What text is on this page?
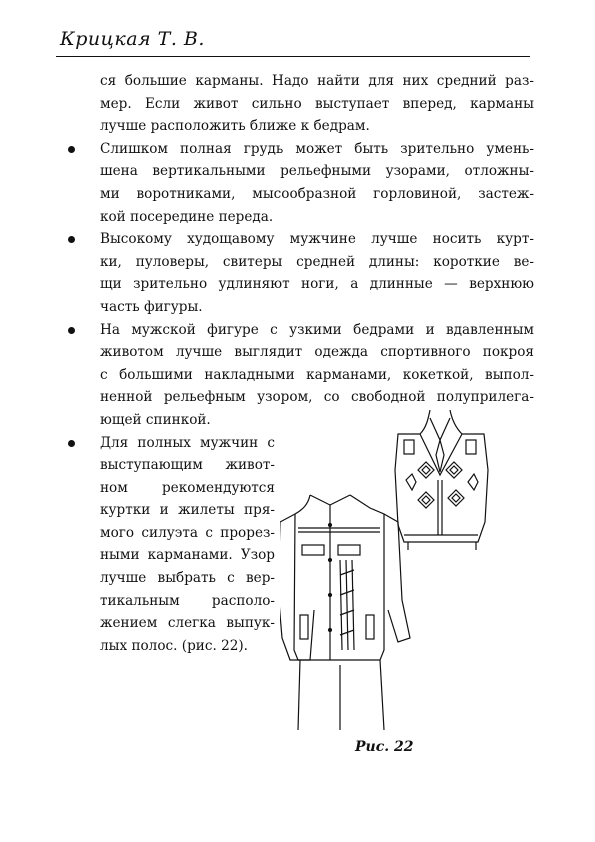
Крицкая Т. В.
ся большие карманы. Надо найти для них средний раз-
мер. Если живот сильно выступает вперед, карманы
лучше расположить ближе к бедрам.
Слишком полная грудь может быть зрительно умень-
шена вертикальными рельефными узорами, отложны-
ми воротниками, мысообразной горловиной, застеж-
кой посередине переда.
Высокому худощавому мужчине лучше носить курт-
ки, пуловеры, свитеры средней длины: короткие ве-
щи зрительно удлиняют ноги, а длинные — верхнюю
часть фигуры.
На мужской фигуре с узкими бедрами и вдавленным
животом лучше выглядит одежда спортивного покроя
с большими накладными карманами, кокеткой, выпол-
ненной рельефным узором, со свободной полуприлега-
ющей спинкой.
Для полных мужчин с
выступающим живот-
ном рекомендуются
куртки и жилеты пря-
мого силуэта с прорез-
ными карманами. Узор
лучше выбрать с вер-
тикальным располо-
жением слегка выпук-
лых полос. (рис. 22).
Рис. 22
